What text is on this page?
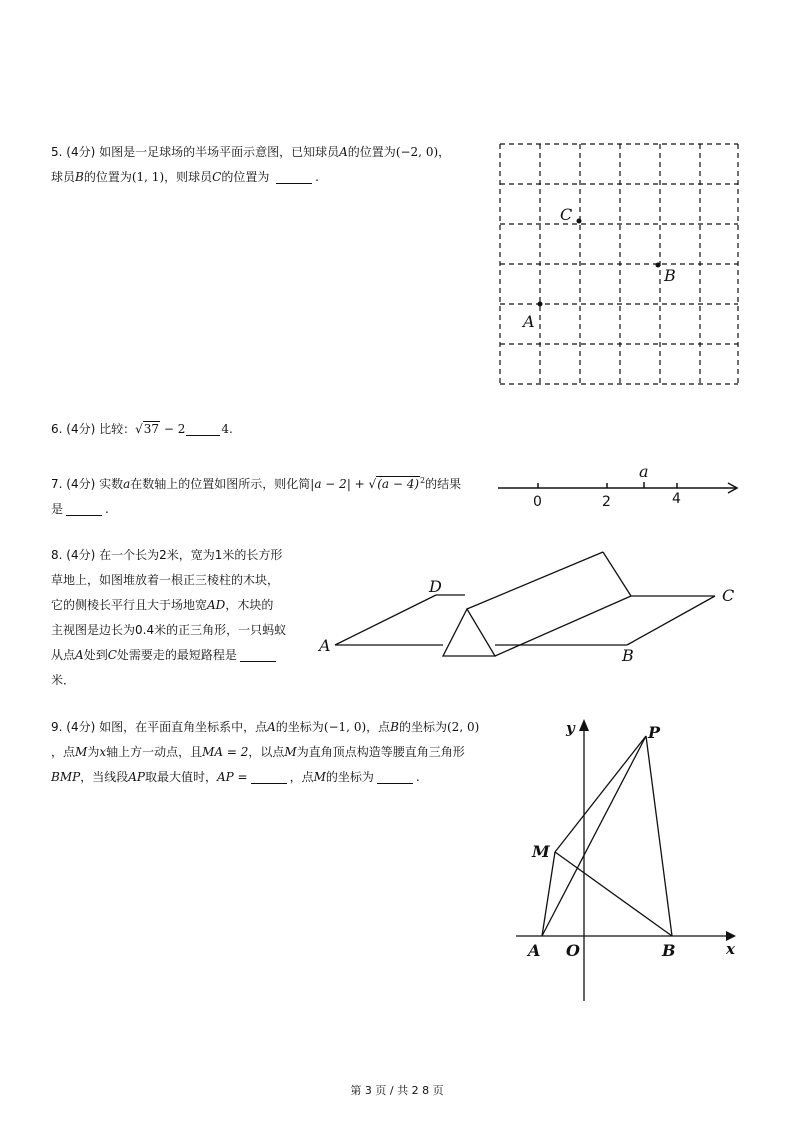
5. (4分) 如图是一足球场的半场平面示意图，已知球员A的位置为(−2, 0)，
球员B的位置为(1, 1)，则球员C的位置为	.
A
B
C
6. (4分) 比较：√37 − 2	4.
7. (4分) 实数a在数轴上的位置如图所示，则化简$|a - 2| + √(a - 4)^2$的结果
是	.	0	2	4
a
8. (4分) 在一个长为2米，宽为1米的长方形
草地上，如图堆放着一根正三棱柱的木块，
它的侧棱长平行且大于场地宽AD，木块的
主视图是边长为0.4米的正三角形，一只蚂蚁
从点A处到C处需要走的最短路程是
米．
A
D	C
B
9. (4分) 如图，在平面直角坐标系中，点A的坐标为(−1, 0)，点B的坐标为(2, 0)
，点M为x轴上方一动点，且MA = 2，以点M为直角顶点构造等腰直角三角形
BMP，当线段AP取最大值时，AP =	，点M的坐标为	.
y
x
P
M
A O	B
第 3 页 / 共 2 8 页
